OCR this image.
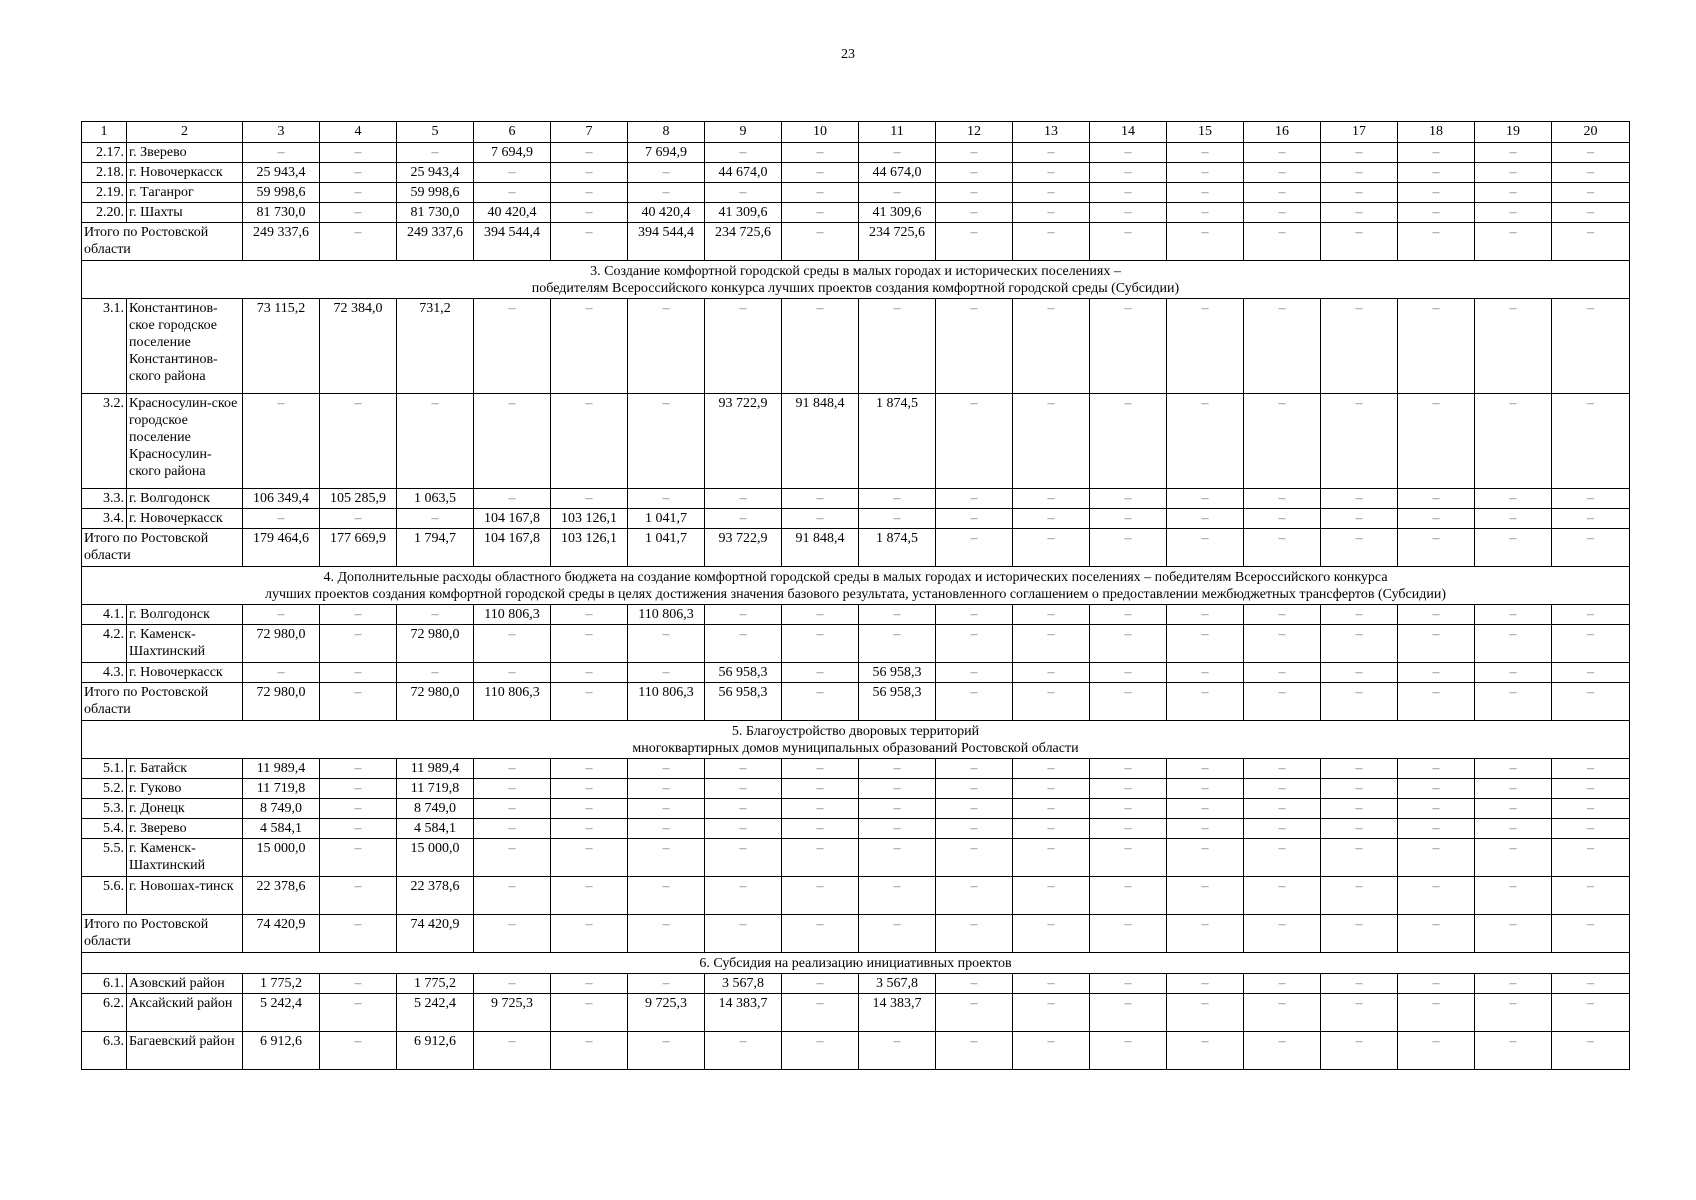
23
1	2	3	4	5	6	7	8	9	10	11	12	13	14	15	16	17	18	19	20
2.17.	г. Зверево	–	–	–	7 694,9	–	7 694,9	–	–	–	–	–	–	–	–	–	–	–	–
2.18.	г. Новочеркасск	25 943,4	–	25 943,4	–	–	–	44 674,0	–	44 674,0	–	–	–	–	–	–	–	–	–
2.19.	г. Таганрог	59 998,6	–	59 998,6	–	–	–	–	–	–	–	–	–	–	–	–	–	–	–
2.20.	г. Шахты	81 730,0	–	81 730,0	40 420,4	–	40 420,4	41 309,6	–	41 309,6	–	–	–	–	–	–	–	–	–
Итого по Ростовской области		249 337,6	–	249 337,6	394 544,4	–	394 544,4	234 725,6	–	234 725,6	–	–	–	–	–	–	–	–	–

3. Создание комфортной городской среды в малых городах и исторических поселениях –
победителям Всероссийского конкурса лучших проектов создания комфортной городской среды (Субсидии)																			

3.1.	Константинов-ское городское поселение Константинов-ского района	73 115,2	72 384,0	731,2	–	–	–	–	–	–	–	–	–	–	–	–	–	–	–
3.2.	Красносулин-ское городское поселение Красносулин-ского района	–	–	–	–	–	–	93 722,9	91 848,4	1 874,5	–	–	–	–	–	–	–	–	–
3.3.	г. Волгодонск	106 349,4	105 285,9	1 063,5	–	–	–	–	–	–	–	–	–	–	–	–	–	–	–
3.4.	г. Новочеркасск	–	–	–	104 167,8	103 126,1	1 041,7	–	–	–	–	–	–	–	–	–	–	–	–
Итого по Ростовской области		179 464,6	177 669,9	1 794,7	104 167,8	103 126,1	1 041,7	93 722,9	91 848,4	1 874,5	–	–	–	–	–	–	–	–	–

4. Дополнительные расходы областного бюджета на создание комфортной городской среды в малых городах и исторических поселениях – победителям Всероссийского конкурса
лучших проектов создания комфортной городской среды в целях достижения значения базового результата, установленного соглашением о предоставлении межбюджетных трансфертов (Субсидии)																			

4.1.	г. Волгодонск	–	–	–	110 806,3	–	110 806,3	–	–	–	–	–	–	–	–	–	–	–	–
4.2.	г. Каменск-Шахтинский	72 980,0	–	72 980,0	–	–	–	–	–	–	–	–	–	–	–	–	–	–	–
4.3.	г. Новочеркасск	–	–	–	–	–	–	56 958,3	–	56 958,3	–	–	–	–	–	–	–	–	–
Итого по Ростовской области		72 980,0	–	72 980,0	110 806,3	–	110 806,3	56 958,3	–	56 958,3	–	–	–	–	–	–	–	–	–

5. Благоустройство дворовых территорий
многоквартирных домов муниципальных образований Ростовской области																			

5.1.	г. Батайск	11 989,4	–	11 989,4	–	–	–	–	–	–	–	–	–	–	–	–	–	–	–
5.2.	г. Гуково	11 719,8	–	11 719,8	–	–	–	–	–	–	–	–	–	–	–	–	–	–	–
5.3.	г. Донецк	8 749,0	–	8 749,0	–	–	–	–	–	–	–	–	–	–	–	–	–	–	–
5.4.	г. Зверево	4 584,1	–	4 584,1	–	–	–	–	–	–	–	–	–	–	–	–	–	–	–
5.5.	г. Каменск-Шахтинский	15 000,0	–	15 000,0	–	–	–	–	–	–	–	–	–	–	–	–	–	–	–
5.6.	г. Новошах-тинск	22 378,6	–	22 378,6	–	–	–	–	–	–	–	–	–	–	–	–	–	–	–
Итого по Ростовской области		74 420,9	–	74 420,9	–	–	–	–	–	–	–	–	–	–	–	–	–	–	–

6. Субсидия на реализацию инициативных проектов																			

6.1.	Азовский район	1 775,2	–	1 775,2	–	–	–	3 567,8	–	3 567,8	–	–	–	–	–	–	–	–	–
6.2.	Аксайский район	5 242,4	–	5 242,4	9 725,3	–	9 725,3	14 383,7	–	14 383,7	–	–	–	–	–	–	–	–	–
6.3.	Багаевский район	6 912,6	–	6 912,6	–	–	–	–	–	–	–	–	–	–	–	–	–	–	–
